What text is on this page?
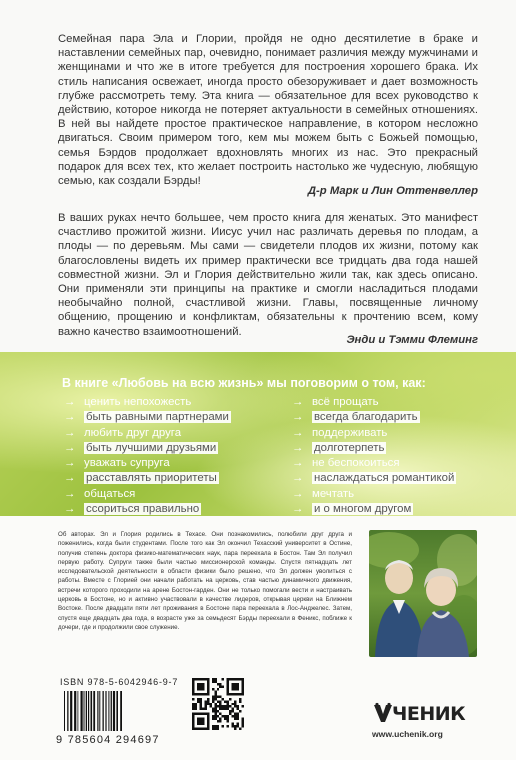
Семейная пара Эла и Глории, пройдя не одно десятилетие в браке и наставлении семейных пар, очевидно, понимает различия между мужчинами и женщинами и что же в итоге требуется для построения хорошего брака. Их стиль написания освежает, иногда просто обезоруживает и дает возможность глубже рассмотреть тему. Эта книга — обязательное для всех руководство к действию, которое никогда не потеряет актуальности в семейных отношениях. В ней вы найдете простое практическое направление, в котором несложно двигаться. Своим примером того, кем мы можем быть с Божьей помощью, семья Бэрдов продолжает вдохновлять многих из нас. Это прекрасный подарок для всех тех, кто желает построить настолько же чудесную, любящую семью, как создали Бэрды!

Д-р Марк и Лин Оттенвеллер

В ваших руках нечто большее, чем просто книга для женатых. Это манифест счастливо прожитой жизни. Иисус учил нас различать деревья по плодам, а плоды — по деревьям. Мы сами — свидетели плодов их жизни, потому как благословлены видеть их пример практически все тридцать два года нашей совместной жизни. Эл и Глория действительно жили так, как здесь описано. Они применяли эти принципы на практике и смогли насладиться плодами необычайно полной, счастливой жизни. Главы, посвященные личному общению, прощению и конфликтам, обязательны к прочтению всем, кому важно качество взаимоотношений.

Энди и Тэмми Флеминг
В книге «Любовь на всю жизнь» мы поговорим о том, как:
→ ценить непохожесть
→ быть равными партнерами
→ любить друг друга
→ быть лучшими друзьями
→ уважать супруга
→ расставлять приоритеты
→ общаться
→ ссориться правильно
→ всё прощать
→ всегда благодарить
→ поддерживать
→ долготерпеть
→ не беспокоиться
→ наслаждаться романтикой
→ мечтать
→ и о многом другом

Об авторах. Эл и Глория родились в Техасе. Они познакомились, полюбили друг друга и поженились, когда были студентами. После того как Эл окончил Техасский университет в Остине, получив степень доктора физико-математических наук, пара переехала в Бостон. Там Эл получил первую работу. Супруги также были частью миссионерской команды. Спустя пятнадцать лет исследовательской деятельности в области физики было решено, что Эл должен уволиться с работы. Вместе с Глорией они начали работать на церковь, став частью динамичного движения, встречи которого проходили на арене Бостон-гарден. Они не только помогали вести и настраивать церковь в Бостоне, но и активно участвовали в качестве лидеров, открывая церкви на Ближнем Востоке. После двадцати пяти лет проживания в Бостоне пара переехала в Лос-Анджелес. Затем, спустя еще двадцать два года, в возрасте уже за семьдесят Бэрды переехали в Феникс, поближе к дочери, где и продолжили свое служение.

ISBN 978-5-6042946-9-7
9 785604 294697
ЧЕНИК
www.uchenik.org
